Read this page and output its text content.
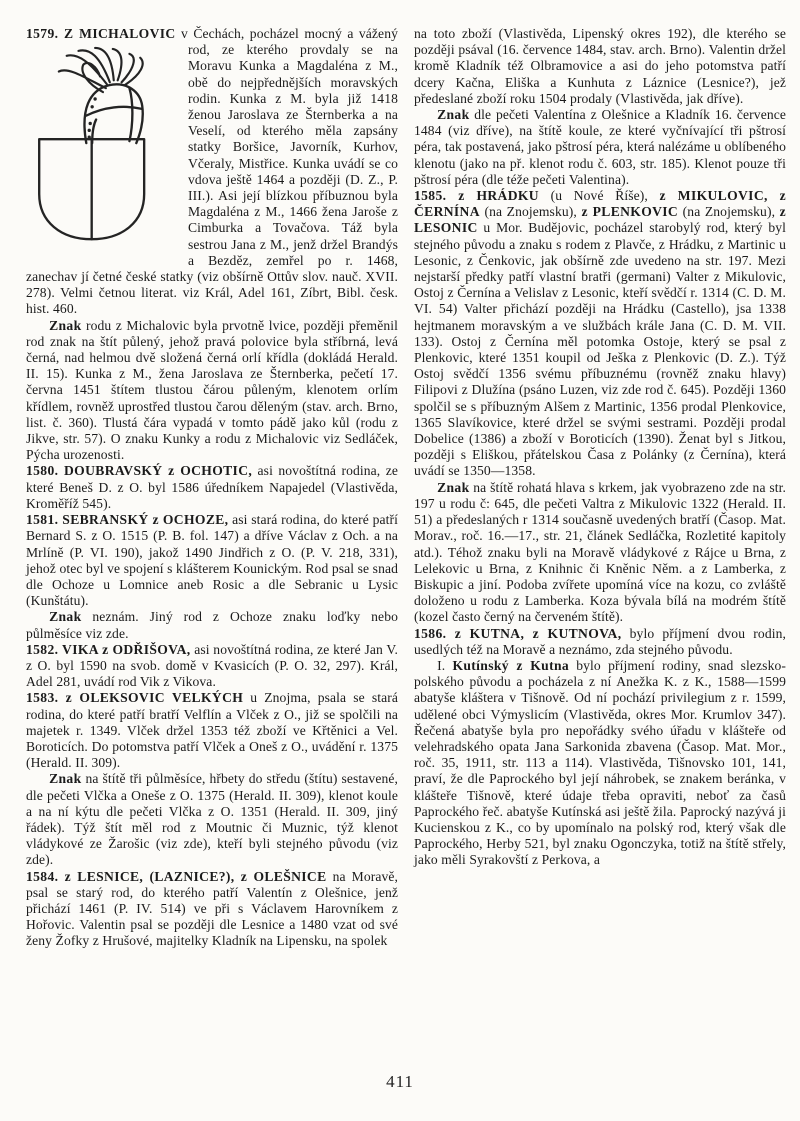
1579. Z MICHALOVIC v Čechách, pocházel mocný
a vážený rod, ze kterého provdaly se na Moravu Kunka a Magdaléna z M., obě do nejpřednějších moravských rodin. Kunka z M. byla již 1418 ženou Jaroslava ze Šternberka a na Veselí, od kterého měla zapsány statky Boršice, Javorník, Kurhov, Včeraly, Mistřice. Kunka uvádí se co vdova ještě 1464 a později (D. Z., P. III.). Asi její blízkou příbuznou byla Magdaléna z M., 1466 žena Jaroše z Cimburka a Tovačova. Táž byla sestrou Jana z M., jenž držel Brandýs a Bezděz, zemřel po r. 1468, zanechav jí četné české statky (viz obšírně Ottův slov. nauč. XVII. 278). Velmi četnou literat. viz Král, Adel 161, Zíbrt, Bibl. česk. hist. 460.

Znak rodu z Michalovic byla prvotně lvice, později přeměnil rod znak na štít půlený, jehož pravá polovice byla stříbrná, levá černá, nad helmou dvě složená černá orlí křídla (dokládá Herald. II. 15). Kunka z M., žena Jaroslava ze Šternberka, pečetí 17. června 1451 štítem tlustou čárou půleným, klenotem orlím křídlem, rovněž uprostřed tlustou čarou děleným (stav. arch. Brno, list. č. 360). Tlustá čára vypadá v tomto pádě jako kůl (rodu z Jikve, str. 57). O znaku Kunky a rodu z Michalovic viz Sedláček, Pýcha urozenosti.

1580. DOUBRAVSKÝ z OCHOTIC, asi novoštítná rodina, ze které Beneš D. z O. byl 1586 úředníkem Napajedel (Vlastivěda, Kroměříž 545).

1581. SEBRANSKÝ z OCHOZE, asi stará rodina, do které patří Bernard S. z O. 1515 (P. B. fol. 147) a dříve Václav z Och. a na Mrlíně (P. VI. 190), jakož 1490 Jindřich z O. (P. V. 218, 331), jehož otec byl ve spojení s klášterem Kounickým. Rod psal se snad dle Ochoze u Lomnice aneb Rosic a dle Sebranic u Lysic (Kunštátu).

Znak neznám. Jiný rod z Ochoze znaku loďky nebo půlměsíce viz zde.

1582. VIKA z ODŘIŠOVA, asi novoštítná rodina, ze které Jan V. z O. byl 1590 na svob. domě v Kvasicích (P. O. 32, 297). Král, Adel 281, uvádí rod Vik z Vikova.

1583. z OLEKSOVIC VELKÝCH u Znojma, psala se stará rodina, do které patří bratří Velflín a Vlček z O., již se spolčili na majetek r. 1349. Vlček držel 1353 též zboží ve Křtěnici a Vel. Boroticích. Do potomstva patří Vlček a Oneš z O., uvádění r. 1375 (Herald. II. 309).

Znak na štítě tři půlměsíce, hřbety do středu (štítu) sestavené, dle pečeti Vlčka a Oneše z O. 1375 (Herald. II. 309), klenot koule a na ní kýtu dle pečeti Vlčka z O. 1351 (Herald. II. 309, jiný řádek). Týž štít měl rod z Moutnic či Muznic, týž klenot vládykové ze Žarošic (viz zde), kteří byli stejného původu (viz zde).

1584. z LESNICE, (LAZNICE?), z OLEŠNICE na Moravě, psal se starý rod, do kterého patří Valentín z Olešnice, jenž přichází 1461 (P. IV. 514) ve při s Václavem Harovníkem z Hořovic. Valentin psal se později dle Lesnice a 1480 vzat od své ženy Žofky z Hrušové, majitelky Kladník na Lipensku, na spolek

na toto zboží (Vlastivěda, Lipenský okres 192), dle kterého se později psával (16. července 1484, stav. arch. Brno). Valentin držel kromě Kladník též Olbramovice a asi do jeho potomstva patří dcery Kačna, Eliška a Kunhuta z Láznice (Lesnice?), jež předeslané zboží roku 1504 prodaly (Vlastivěda, jak dříve).

Znak dle pečeti Valentína z Olešnice a Kladník 16. července 1484 (viz dříve), na štítě koule, ze které vyčnívající tři pštrosí péra, tak postavená, jako pštrosí péra, která nalézáme u oblíbeného klenotu (jako na př. klenot rodu č. 603, str. 185). Klenot pouze tři pštrosí péra (dle téže pečeti Valentina).

1585. z HRÁDKU (u Nové Říše), z MIKULOVIC, z ČERNÍNA (na Znojemsku), z PLENKOVIC (na Znojemsku), z LESONIC u Mor. Budějovic, pocházel starobylý rod, který byl stejného původu a znaku s rodem z Plavče, z Hrádku, z Martinic u Lesonic, z Čenkovic, jak obšírně zde uvedeno na str. 197. Mezi nejstarší předky patří vlastní bratři (germani) Valter z Mikulovic, Ostoj z Černína a Velislav z Lesonic, kteří svědčí r. 1314 (C. D. M. VI. 54) Valter přichází později na Hrádku (Castello), jsa 1338 hejtmanem moravským a ve službách krále Jana (C. D. M. VII. 133). Ostoj z Černína měl potomka Ostoje, který se psal z Plenkovic, které 1351 koupil od Ješka z Plenkovic (D. Z.). Týž Ostoj svědčí 1356 svému příbuznému (rovněž znaku hlavy) Filipovi z Dlužína (psáno Luzen, viz zde rod č. 645). Později 1360 spolčil se s příbuzným Alšem z Martinic, 1356 prodal Plenkovice, 1365 Slavíkovice, které držel se svými sestrami. Později prodal Dobelice (1386) a zboží v Boroticích (1390). Ženat byl s Jitkou, později s Eliškou, přátelskou Časa z Polánky (z Černína), která uvádí se 1350—1358.

Znak na štítě rohatá hlava s krkem, jak vyobrazeno zde na str. 197 u rodu č: 645, dle pečeti Valtra z Mikulovic 1322 (Herald. II. 51) a předeslaných r 1314 současně uvedených bratří (Časop. Mat. Morav., roč. 16.—17., str. 21, článek Sedláčka, Rozletité kapitoly atd.). Téhož znaku byli na Moravě vládykové z Rájce u Brna, z Lelekovic u Brna, z Knihnic či Kněnic Něm. a z Lamberka, z Biskupic a jiní. Podoba zvířete upomíná více na kozu, co zvláště doloženo u rodu z Lamberka. Koza bývala bílá na modrém štítě (kozel často černý na červeném štítě).

1586. z KUTNA, z KUTNOVA, bylo příjmení dvou rodin, usedlých též na Moravě a neznámo, zda stejného původu.

I. Kutínský z Kutna bylo příjmení rodiny, snad slezsko-polského původu a pocházela z ní Anežka K. z K., 1588—1599 abatyše kláštera v Tišnově. Od ní pochází privilegium z r. 1599, udělené obci Výmyslicím (Vlastivěda, okres Mor. Krumlov 347). Řečená abatyše byla pro nepořádky svého úřadu v klášteře od velehradského opata Jana Sarkonida zbavena (Časop. Mat. Mor., roč. 35, 1911, str. 113 a 114). Vlastivěda, Tišnovsko 101, 141, praví, že dle Paprockého byl její náhrobek, se znakem beránka, v klášteře Tišnově, které údaje třeba opraviti, neboť za časů Paprockého řeč. abatyše Kutínská asi ještě žila. Paprocký nazývá ji Kucienskou z K., co by upomínalo na polský rod, který však dle Paprockého, Herby 521, byl znaku Ogonczyka, totiž na štítě střely, jako měli Syrakovští z Perkova, a

411
